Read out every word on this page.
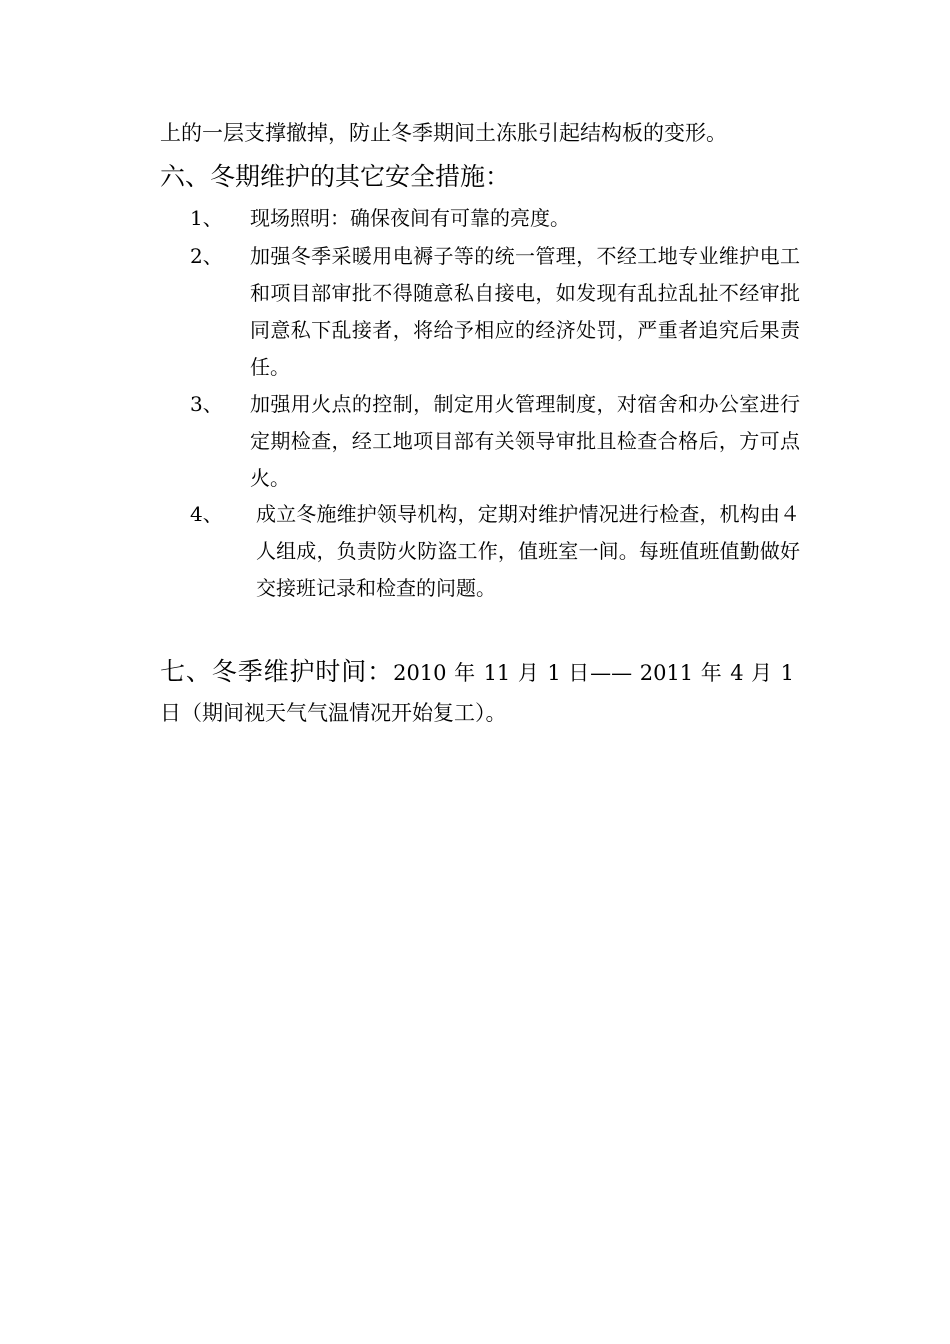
上的一层支撑撤掉，防止冬季期间土冻胀引起结构板的变形。
六、冬期维护的其它安全措施：
1、 现场照明：确保夜间有可靠的亮度。
2、 加强冬季采暖用电褥子等的统一管理，不经工地专业维护电工和项目部审批不得随意私自接电，如发现有乱拉乱扯不经审批同意私下乱接者，将给予相应的经济处罚，严重者追究后果责任。
3、 加强用火点的控制，制定用火管理制度，对宿舍和办公室进行定期检查，经工地项目部有关领导审批且检查合格后，方可点火。
4、	成立冬施维护领导机构，定期对维护情况进行检查，机构由４人组成，负责防火防盗工作，值班室一间。每班值班值勤做好交接班记录和检查的问题。
七、冬季维护时间：2010 年 11 月 1 日—— 2011 年 4 月 1 日（期间视天气气温情况开始复工）。
